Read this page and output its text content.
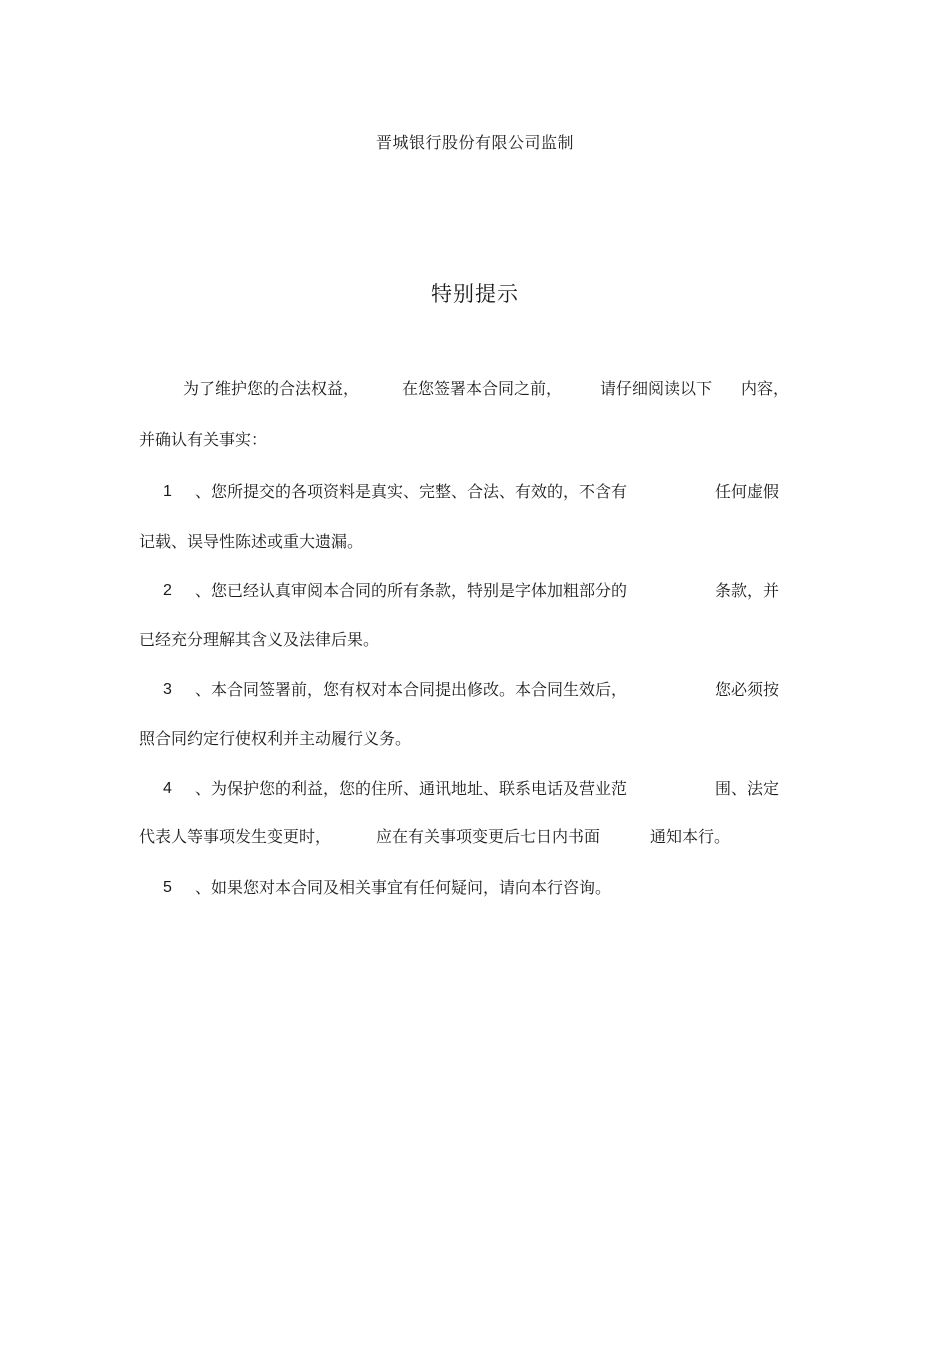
晋城银行股份有限公司监制
特别提示
为了维护您的合法权益，	在您签署本合同之前， 请仔细阅读以下 内容，
并确认有关事实：
1 、您所提交的各项资料是真实、完整、合法、有效的，不含有	任何虚假
记载、误导性陈述或重大遗漏。
2 、您已经认真审阅本合同的所有条款，特别是字体加粗部分的	条款，并
已经充分理解其含义及法律后果。
3 、本合同签署前，您有权对本合同提出修改。本合同生效后，	您必须按
照合同约定行使权利并主动履行义务。
4 、为保护您的利益，您的住所、通讯地址、联系电话及营业范	围、法定
代表人等事项发生变更时，	应在有关事项变更后七日内书面	通知本行。
5 、如果您对本合同及相关事宜有任何疑问，请向本行咨询。
